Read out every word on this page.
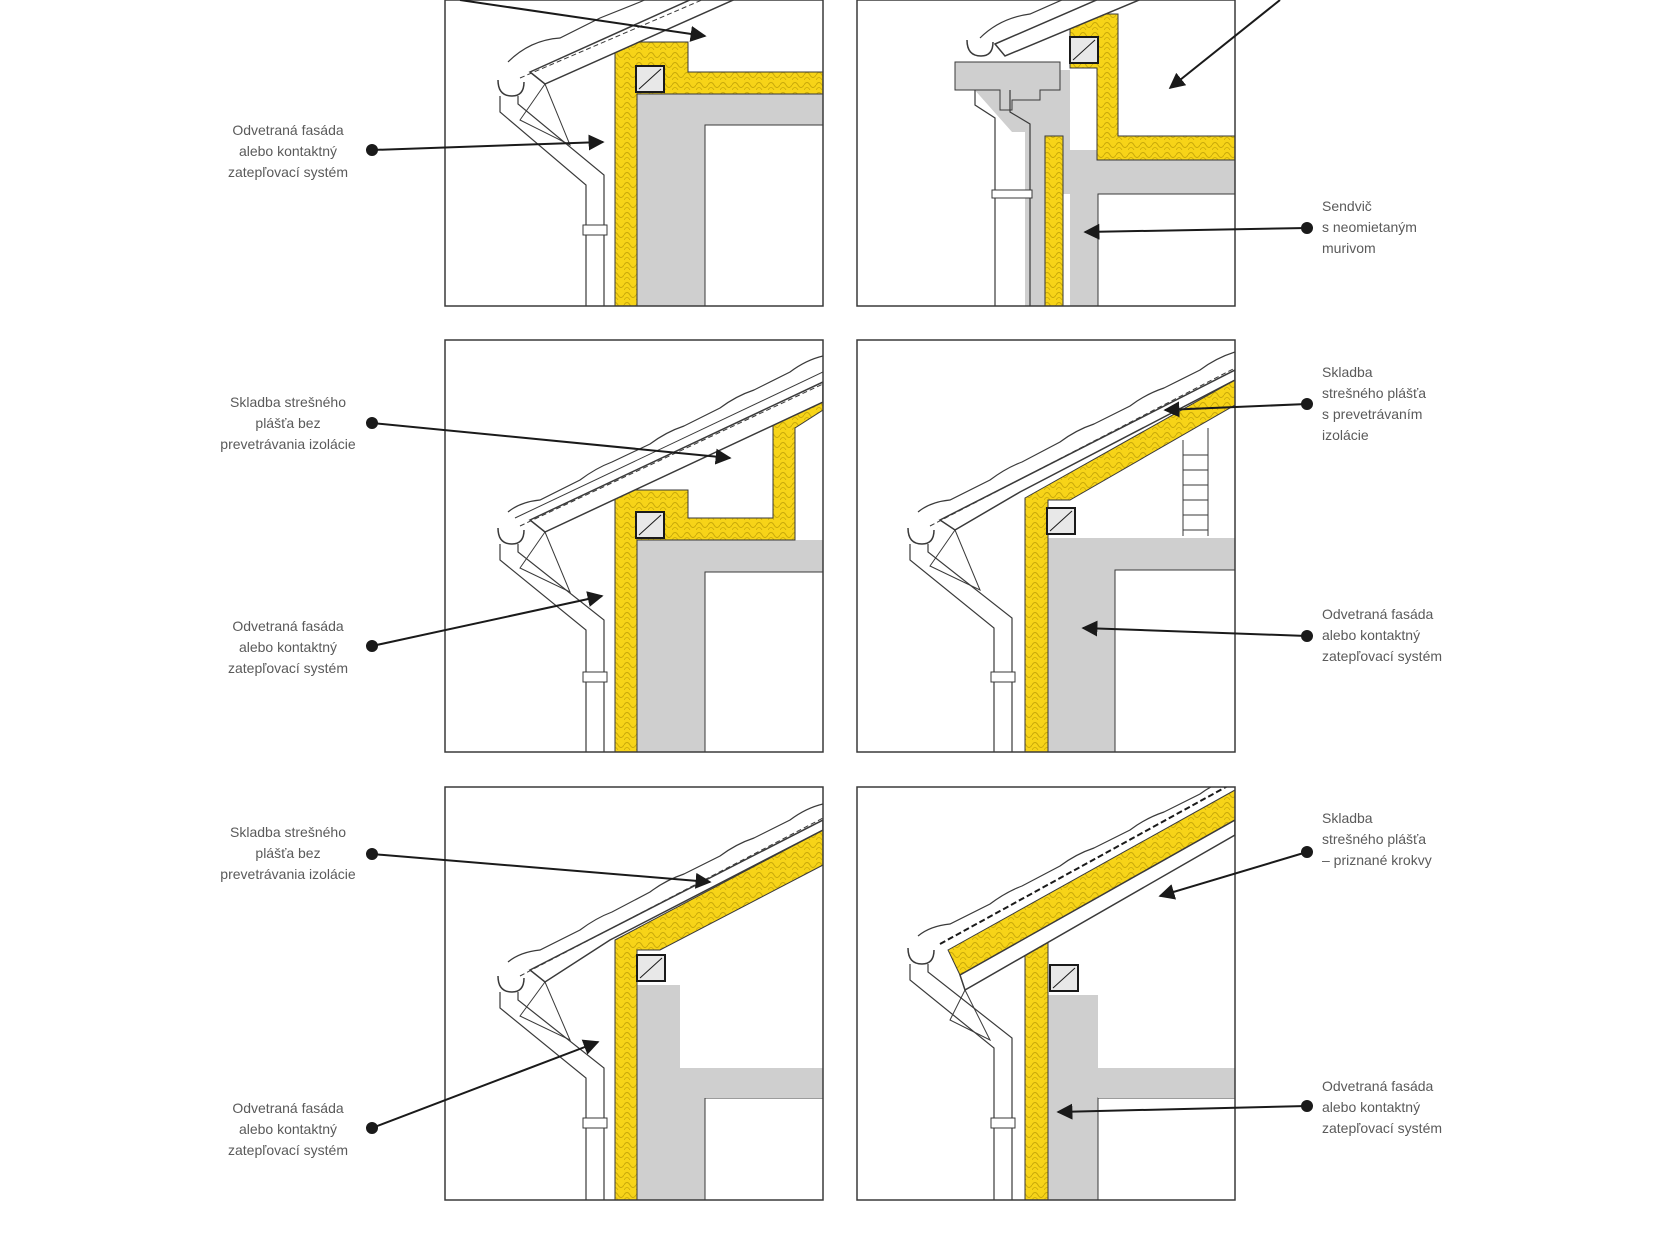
Odvetraná fasáda
alebo kontaktný
zatepľovací systém
Sendvič
s neomietaným
murivom
Skladba strešného
plášťa bez
prevetrávania izolácie
Skladba
strešného plášťa
s prevetrávaním
izolácie
Odvetraná fasáda
alebo kontaktný
zatepľovací systém
Odvetraná fasáda
alebo kontaktný
zatepľovací systém
Skladba strešného
plášťa bez
prevetrávania izolácie
Skladba
strešného plášťa
– priznané krokvy
Odvetraná fasáda
alebo kontaktný
zatepľovací systém
Odvetraná fasáda
alebo kontaktný
zatepľovací systém
